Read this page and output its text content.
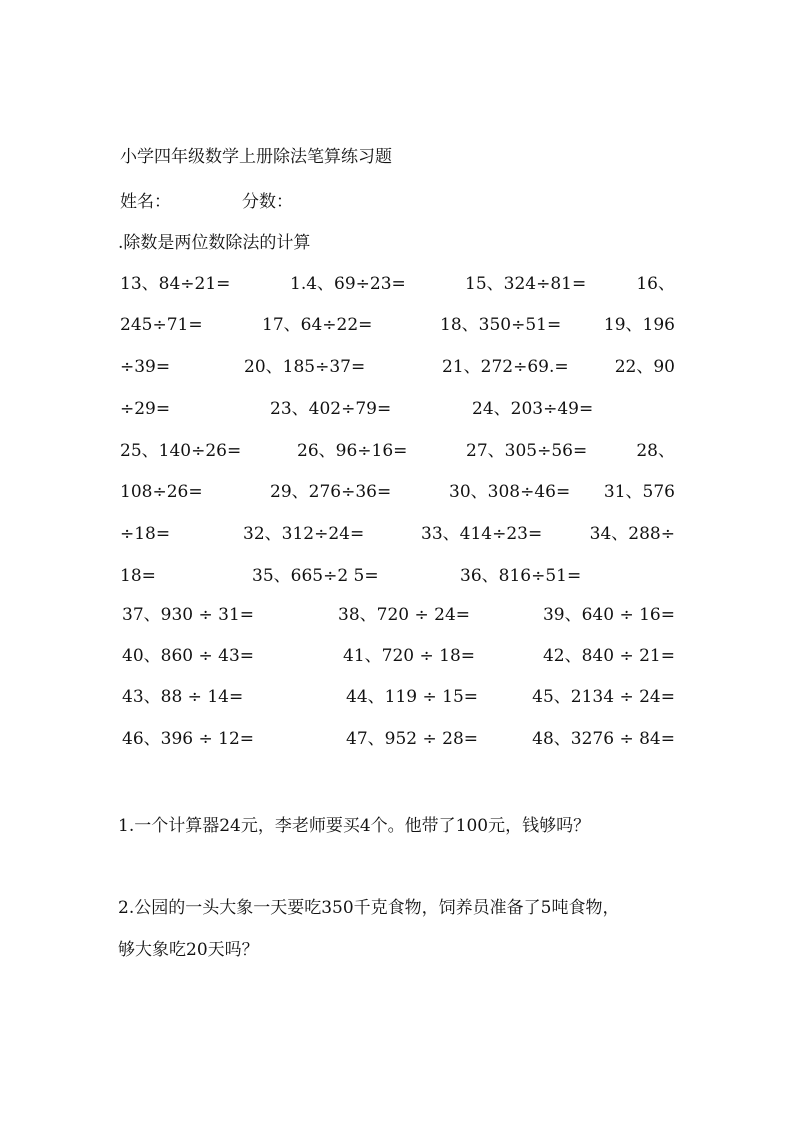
小学四年级数学上册除法笔算练习题
姓名：	分数：
.除数是两位数除法的计算
13、84÷21=	1.4、69÷23=	15、324÷81=	16、
245÷71=	17、64÷22=	18、350÷51=	19、196
÷39=	20、185÷37=	21、272÷69.=	22、90
÷29=	23、402÷79=	24、203÷49=
25、140÷26=	26、96÷16=	27、305÷56=	28、
108÷26=	29、276÷36=	30、308÷46= 31、576
÷18=	32、312÷24=	33、414÷23=	34、288÷
18=	35、665÷2 5=	36、816÷51=
37、930 ÷ 31=	38、720 ÷ 24=	39、640 ÷ 16=
40、860 ÷ 43=	41、720 ÷ 18=	42、840 ÷ 21=
43、88 ÷ 14=	44、119 ÷ 15=	45、2134 ÷ 24=
46、396 ÷ 12=	47、952 ÷ 28=	48、3276 ÷ 84=
1.一个计算器24元，李老师要买4个。他带了100元，钱够吗？
2.公园的一头大象一天要吃350千克食物，饲养员准备了5吨食物，
够大象吃20天吗？
